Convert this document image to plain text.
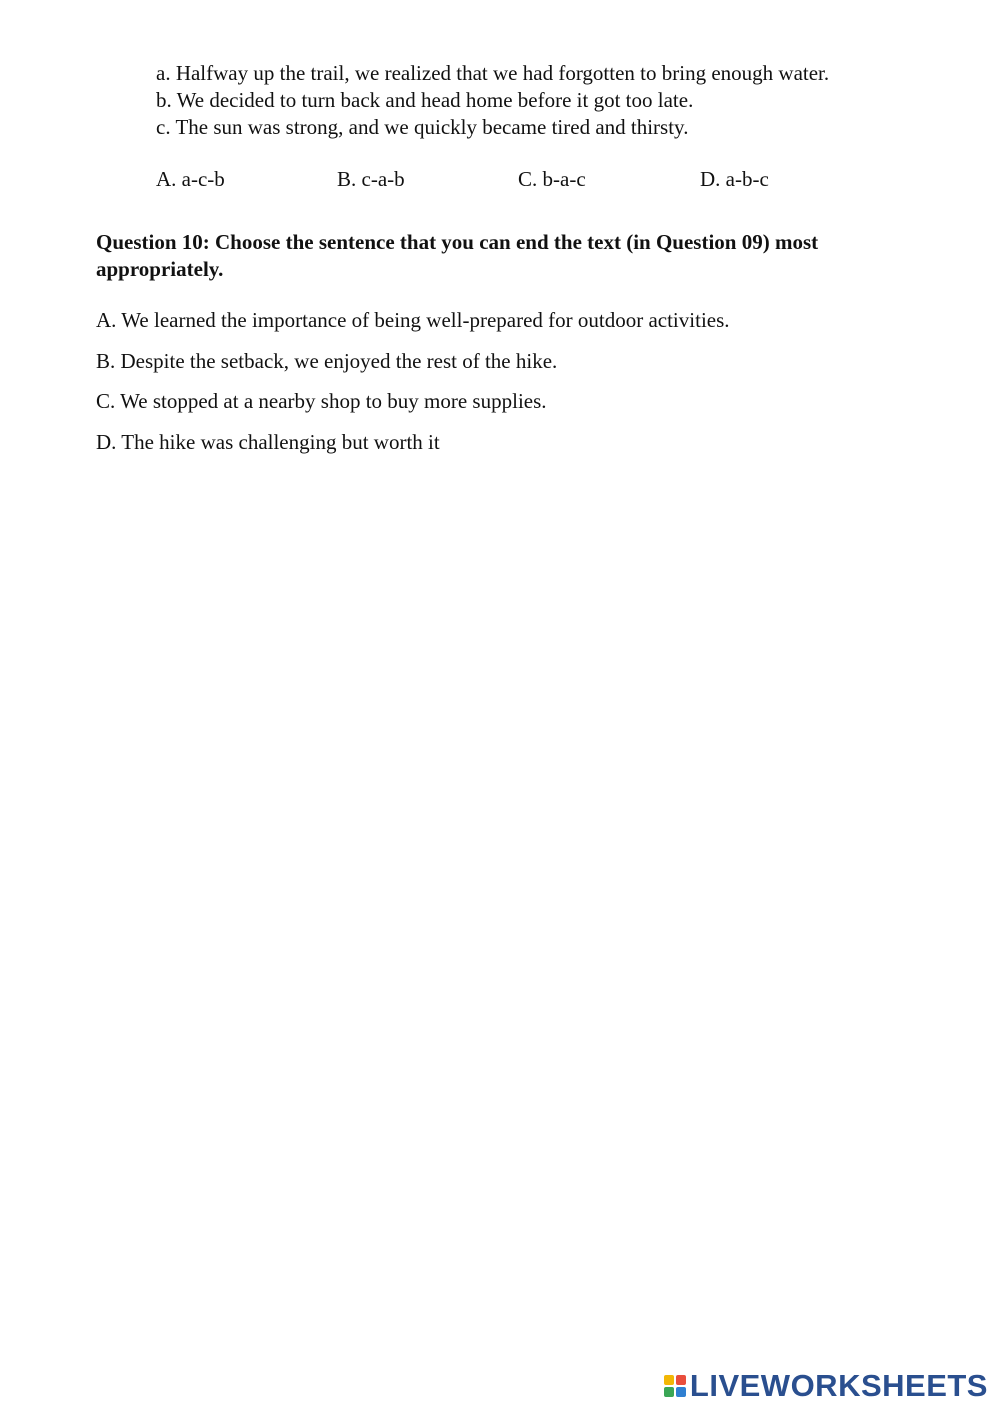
a. Halfway up the trail, we realized that we had forgotten to bring enough water.
b. We decided to turn back and head home before it got too late.
c. The sun was strong, and we quickly became tired and thirsty.
A. a-c-b	B. c-a-b	C. b-a-c	D. a-b-c
Question 10: Choose the sentence that you can end the text (in Question 09) most appropriately.
A. We learned the importance of being well-prepared for outdoor activities.
B. Despite the setback, we enjoyed the rest of the hike.
C. We stopped at a nearby shop to buy more supplies.
D. The hike was challenging but worth it
LIVEWORKSHEETS
